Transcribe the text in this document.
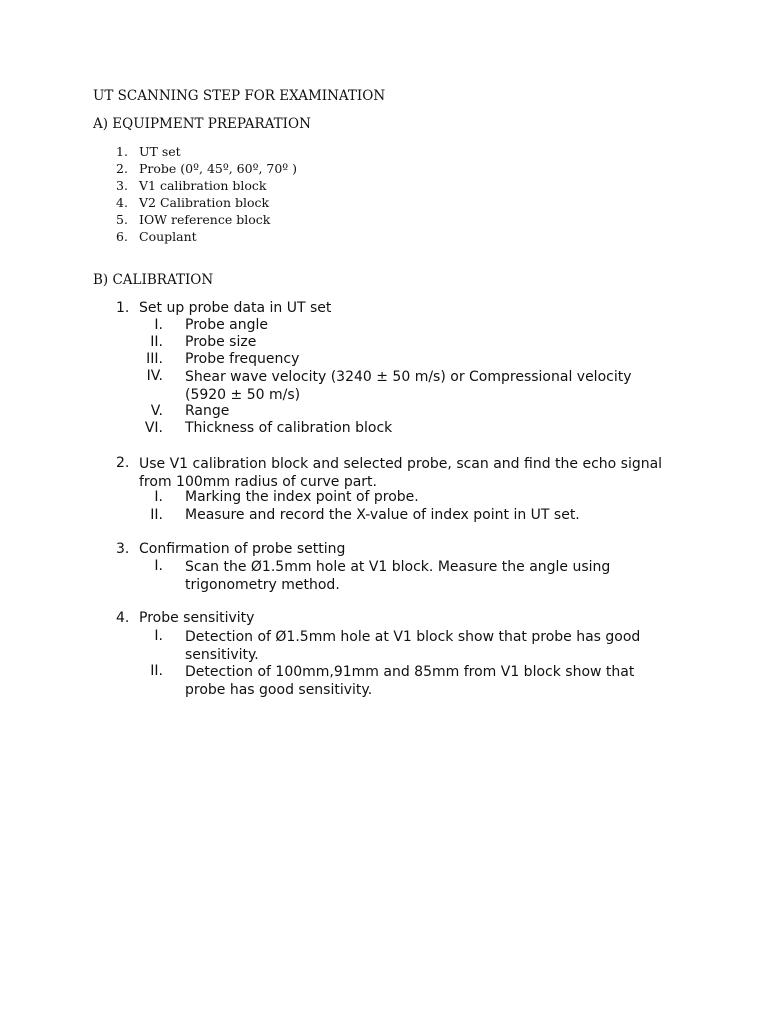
UT SCANNING STEP FOR EXAMINATION
A) EQUIPMENT PREPARATION
1. UT set
2. Probe (0º, 45º, 60º, 70º )
3. V1 calibration block
4. V2 Calibration block
5. IOW reference block
6. Couplant
B) CALIBRATION
1. Set up probe data in UT set
I. Probe angle
II. Probe size
III. Probe frequency
IV. Shear wave velocity (3240 ± 50 m/s) or Compressional velocity (5920 ± 50 m/s)
V. Range
VI. Thickness of calibration block
2. Use V1 calibration block and selected probe, scan and find the echo signal from 100mm radius of curve part.
I. Marking the index point of probe.
II. Measure and record the X-value of index point in UT set.
3. Confirmation of probe setting
I. Scan the Ø1.5mm hole at V1 block. Measure the angle using trigonometry method.
4. Probe sensitivity
I. Detection of Ø1.5mm hole at V1 block show that probe has good sensitivity.
II. Detection of 100mm,91mm and 85mm from V1 block show that probe has good sensitivity.
